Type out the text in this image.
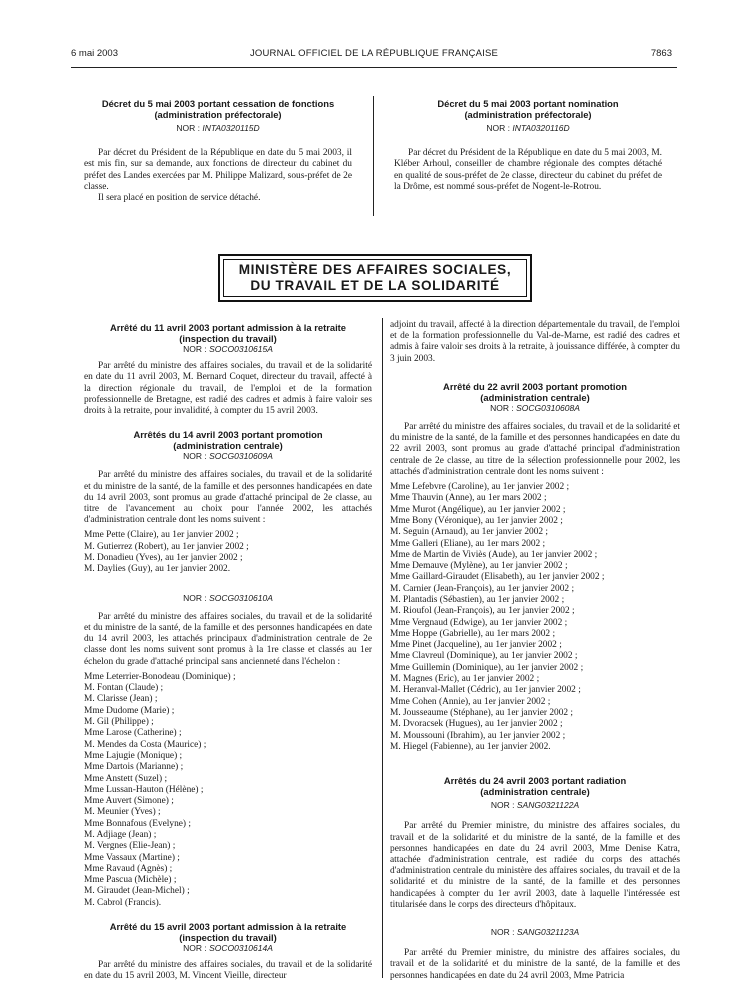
6 mai 2003	JOURNAL OFFICIEL DE LA RÉPUBLIQUE FRANÇAISE	7863
Décret du 5 mai 2003 portant cessation de fonctions
(administration préfectorale)
NOR : INTA0320115D

Par décret du Président de la République en date du 5 mai 2003, il est mis fin, sur sa demande, aux fonctions de directeur du cabinet du préfet des Landes exercées par M. Philippe Malizard, sous-préfet de 2e classe.

Il sera placé en position de service détaché.

Décret du 5 mai 2003 portant nomination
(administration préfectorale)
NOR : INTA0320116D

Par décret du Président de la République en date du 5 mai 2003, M. Kléber Arhoul, conseiller de chambre régionale des comptes détaché en qualité de sous-préfet de 2e classe, directeur du cabinet du préfet de la Drôme, est nommé sous-préfet de Nogent-le-Rotrou.

MINISTÈRE DES AFFAIRES SOCIALES,
DU TRAVAIL ET DE LA SOLIDARITÉ
Arrêté du 11 avril 2003 portant admission à la retraite
(inspection du travail)
NOR : SOCO0310615A

Par arrêté du ministre des affaires sociales, du travail et de la solidarité en date du 11 avril 2003, M. Bernard Coquet, directeur du travail, affecté à la direction régionale du travail, de l'emploi et de la formation professionnelle de Bretagne, est radié des cadres et admis à faire valoir ses droits à la retraite, pour invalidité, à compter du 15 avril 2003.

Arrêtés du 14 avril 2003 portant promotion
(administration centrale)
NOR : SOCG0310609A

Par arrêté du ministre des affaires sociales, du travail et de la solidarité et du ministre de la santé, de la famille et des personnes handicapées en date du 14 avril 2003, sont promus au grade d'attaché principal de 2e classe, au titre de l'avancement au choix pour l'année 2002, les attachés d'administration centrale dont les noms suivent :

Mme Pette (Claire), au 1er janvier 2002 ;
M. Gutierrez (Robert), au 1er janvier 2002 ;
M. Donadieu (Yves), au 1er janvier 2002 ;
M. Daylies (Guy), au 1er janvier 2002.
NOR : SOCG0310610A

Par arrêté du ministre des affaires sociales, du travail et de la solidarité et du ministre de la santé, de la famille et des personnes handicapées en date du 14 avril 2003, les attachés principaux d'administration centrale de 2e classe dont les noms suivent sont promus à la 1re classe et classés au 1er échelon du grade d'attaché principal sans ancienneté dans l'échelon :

Mme Leterrier-Bonodeau (Dominique) ;
M. Fontan (Claude) ;
M. Clarisse (Jean) ;
Mme Dudome (Marie) ;
M. Gil (Philippe) ;
Mme Larose (Catherine) ;
M. Mendes da Costa (Maurice) ;
Mme Lajugie (Monique) ;
Mme Dartois (Marianne) ;
Mme Anstett (Suzel) ;
Mme Lussan-Hauton (Hélène) ;
Mme Auvert (Simone) ;
M. Meunier (Yves) ;
Mme Bonnafous (Evelyne) ;
M. Adjiage (Jean) ;
M. Vergnes (Elie-Jean) ;
Mme Vassaux (Martine) ;
Mme Ravaud (Agnès) ;
Mme Pascua (Michèle) ;
M. Giraudet (Jean-Michel) ;
M. Cabrol (Francis).
Arrêté du 15 avril 2003 portant admission à la retraite
(inspection du travail)
NOR : SOCO0310614A

Par arrêté du ministre des affaires sociales, du travail et de la solidarité en date du 15 avril 2003, M. Vincent Vieille, directeur

adjoint du travail, affecté à la direction départementale du travail, de l'emploi et de la formation professionnelle du Val-de-Marne, est radié des cadres et admis à faire valoir ses droits à la retraite, à jouissance différée, à compter du 3 juin 2003.

Arrêté du 22 avril 2003 portant promotion
(administration centrale)
NOR : SOCG0310608A

Par arrêté du ministre des affaires sociales, du travail et de la solidarité et du ministre de la santé, de la famille et des personnes handicapées en date du 22 avril 2003, sont promus au grade d'attaché principal d'administration centrale de 2e classe, au titre de la sélection professionnelle pour 2002, les attachés d'administration centrale dont les noms suivent :

Mme Lefebvre (Caroline), au 1er janvier 2002 ;
Mme Thauvin (Anne), au 1er mars 2002 ;
Mme Murot (Angélique), au 1er janvier 2002 ;
Mme Bony (Véronique), au 1er janvier 2002 ;
M. Seguin (Arnaud), au 1er janvier 2002 ;
Mme Galleri (Eliane), au 1er mars 2002 ;
Mme de Martin de Viviès (Aude), au 1er janvier 2002 ;
Mme Demauve (Mylène), au 1er janvier 2002 ;
Mme Gaillard-Giraudet (Elisabeth), au 1er janvier 2002 ;
M. Carnier (Jean-François), au 1er janvier 2002 ;
M. Plantadis (Sébastien), au 1er janvier 2002 ;
M. Rioufol (Jean-François), au 1er janvier 2002 ;
Mme Vergnaud (Edwige), au 1er janvier 2002 ;
Mme Hoppe (Gabrielle), au 1er mars 2002 ;
Mme Pinet (Jacqueline), au 1er janvier 2002 ;
Mme Clavreul (Dominique), au 1er janvier 2002 ;
Mme Guillemin (Dominique), au 1er janvier 2002 ;
M. Magnes (Eric), au 1er janvier 2002 ;
M. Heranval-Mallet (Cédric), au 1er janvier 2002 ;
Mme Cohen (Annie), au 1er janvier 2002 ;
M. Jousseaume (Stéphane), au 1er janvier 2002 ;
M. Dvoracsek (Hugues), au 1er janvier 2002 ;
M. Moussouni (Ibrahim), au 1er janvier 2002 ;
M. Hiegel (Fabienne), au 1er janvier 2002.
Arrêtés du 24 avril 2003 portant radiation
(administration centrale)
NOR : SANG0321122A

Par arrêté du Premier ministre, du ministre des affaires sociales, du travail et de la solidarité et du ministre de la santé, de la famille et des personnes handicapées en date du 24 avril 2003, Mme Denise Katra, attachée d'administration centrale, est radiée du corps des attachés d'administration centrale du ministère des affaires sociales, du travail et de la solidarité et du ministre de la santé, de la famille et des personnes handicapées à compter du 1er avril 2003, date à laquelle l'intéressée est titularisée dans le corps des directeurs d'hôpitaux.

NOR : SANG0321123A

Par arrêté du Premier ministre, du ministre des affaires sociales, du travail et de la solidarité et du ministre de la santé, de la famille et des personnes handicapées en date du 24 avril 2003, Mme Patricia
